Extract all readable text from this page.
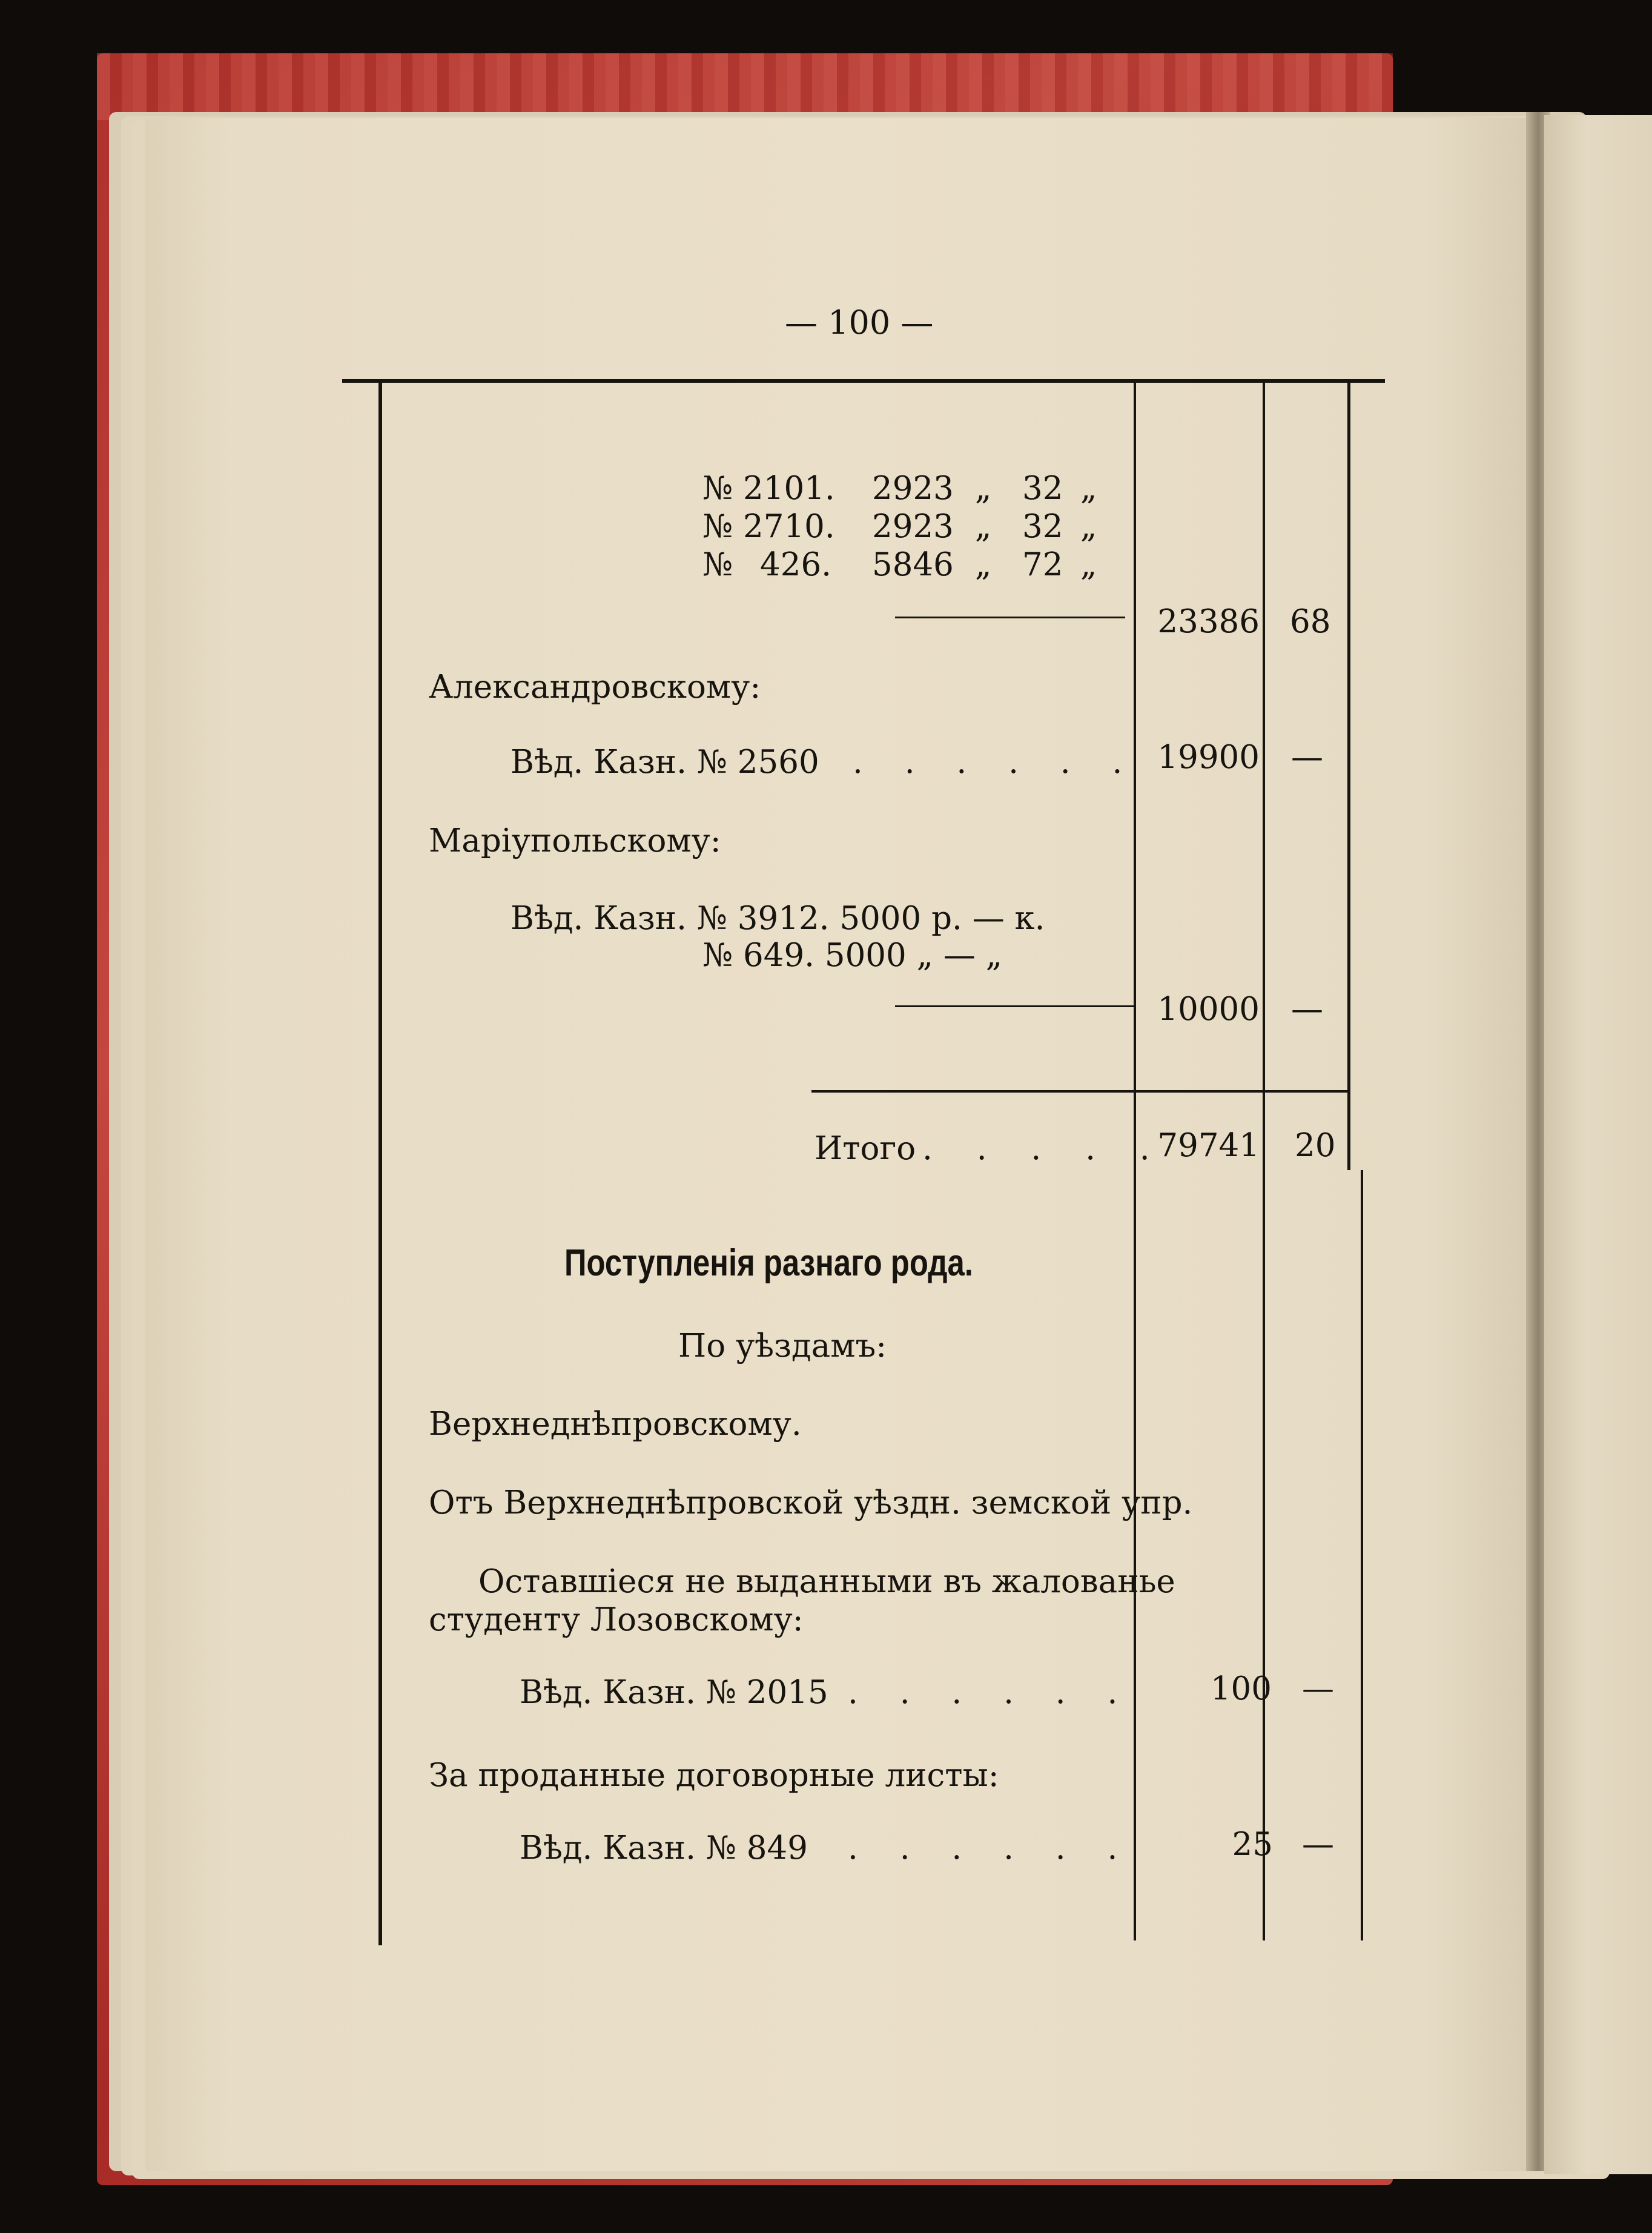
— 100 —
№ 2101. 2923 „ 32 „
№ 2710. 2923 „ 32 „
№ 426. 5846 „ 72 „
23386 68
Александровскому:
Вѣд. Казн. № 2560 . . . . . . 19900 —
Маріупольскому:
Вѣд. Казн. № 3912. 5000 р. — к.
№ 649. 5000 „ — „
10000 —
Итого . . . . .
79741 20
Поступленія разнаго рода.
По уѣздамъ:
Верхнеднѣпровскому.
Отъ Верхнеднѣпровской уѣздн. земской упр.
Оставшіеся не выданными въ жалованье
студенту Лозовскому:
Вѣд. Казн. № 2015 . . . . . .	100 —
За проданные договорные листы:
Вѣд. Казн. № 849 . . . . . .	25 —
